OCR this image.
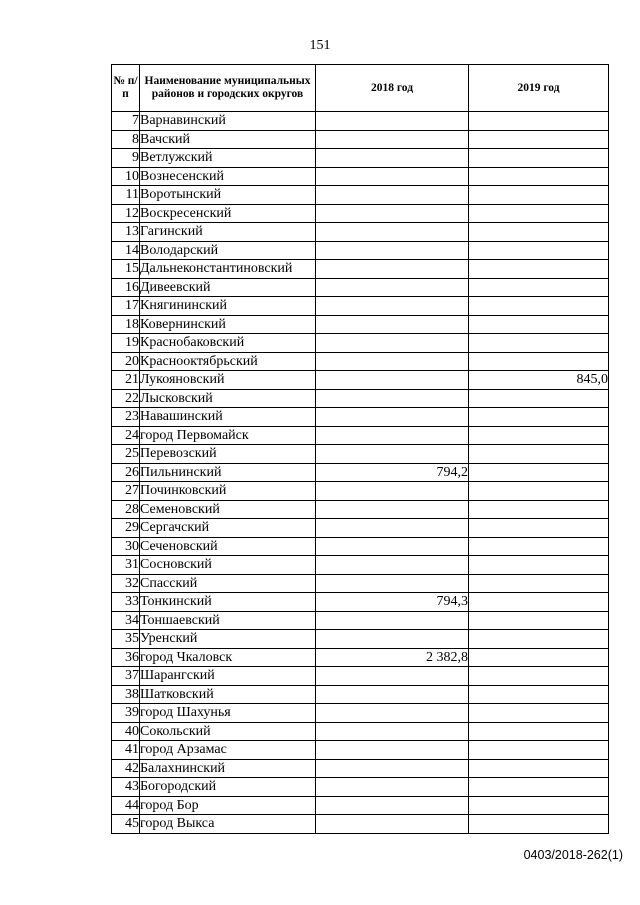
151
№ п/п	Наименование муниципальных районов и городских округов	2018 год	2019 год
7	Варнавинский		
8	Вачский		
9	Ветлужский		
10	Вознесенский		
11	Воротынский		
12	Воскресенский		
13	Гагинский		
14	Володарский		
15	Дальнеконстантиновский		
16	Дивеевский		
17	Княгининский		
18	Ковернинский		
19	Краснобаковский		
20	Краснооктябрьский		
21	Лукояновский		845,0
22	Лысковский		
23	Навашинский		
24	город Первомайск		
25	Перевозский		
26	Пильнинский	794,2	
27	Починковский		
28	Семеновский		
29	Сергачский		
30	Сеченовский		
31	Сосновский		
32	Спасский		
33	Тонкинский	794,3	
34	Тоншаевский		
35	Уренский		
36	город Чкаловск	2 382,8	
37	Шарангский		
38	Шатковский		
39	город Шахунья		
40	Сокольский		
41	город Арзамас		
42	Балахнинский		
43	Богородский		
44	город Бор		
45	город Выкса		
0403/2018-262(1)
